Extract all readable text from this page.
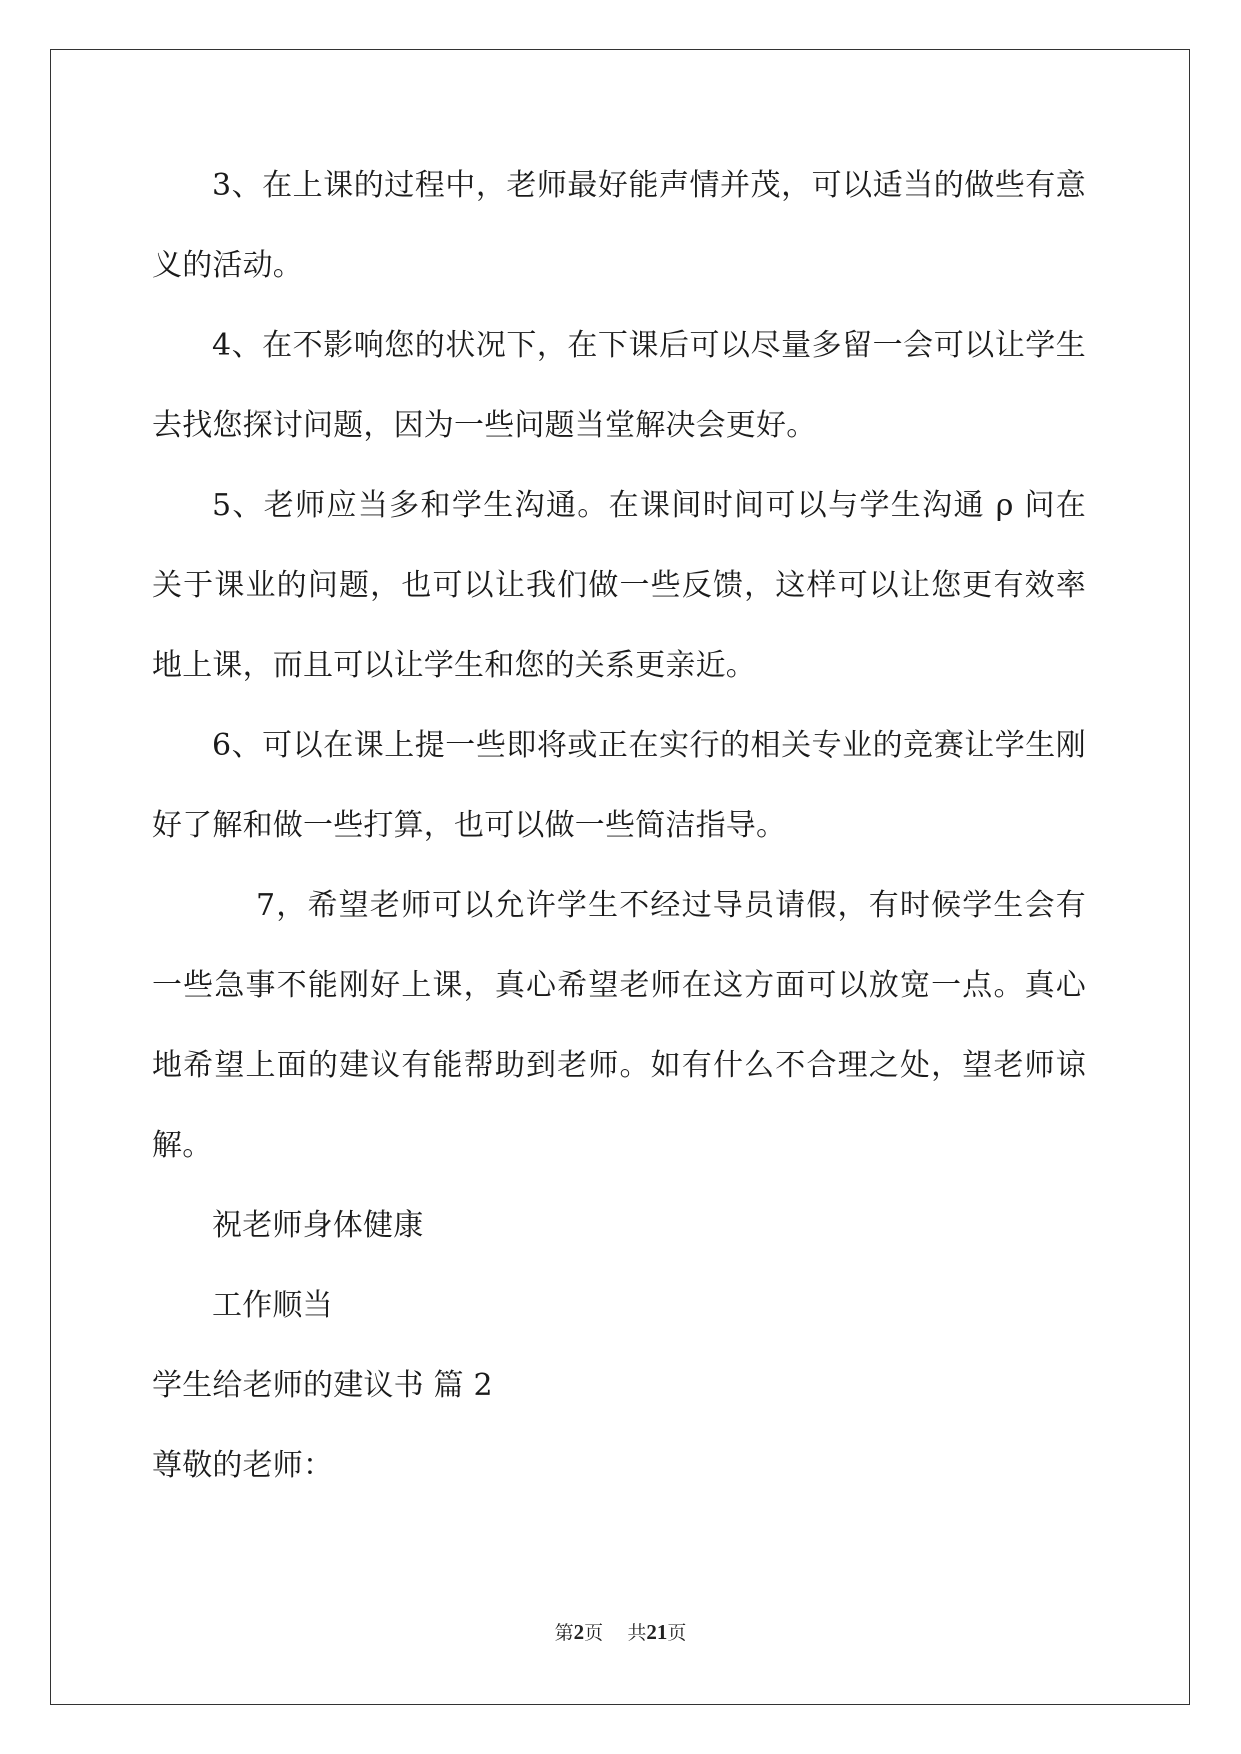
3、在上课的过程中，老师最好能声情并茂，可以适当的做些有意
义的活动。
4、在不影响您的状况下，在下课后可以尽量多留一会可以让学生
去找您探讨问题，因为一些问题当堂解决会更好。
5、老师应当多和学生沟通。在课间时间可以与学生沟通 ρ 问在
关于课业的问题，也可以让我们做一些反馈，这样可以让您更有效率
地上课，而且可以让学生和您的关系更亲近。
6、可以在课上提一些即将或正在实行的相关专业的竞赛让学生刚
好了解和做一些打算，也可以做一些简洁指导。
7，希望老师可以允许学生不经过导员请假，有时候学生会有
一些急事不能刚好上课，真心希望老师在这方面可以放宽一点。真心
地希望上面的建议有能帮助到老师。如有什么不合理之处，望老师谅
解。
祝老师身体健康
工作顺当
学生给老师的建议书 篇 2
尊敬的老师：
第2页 共21页
